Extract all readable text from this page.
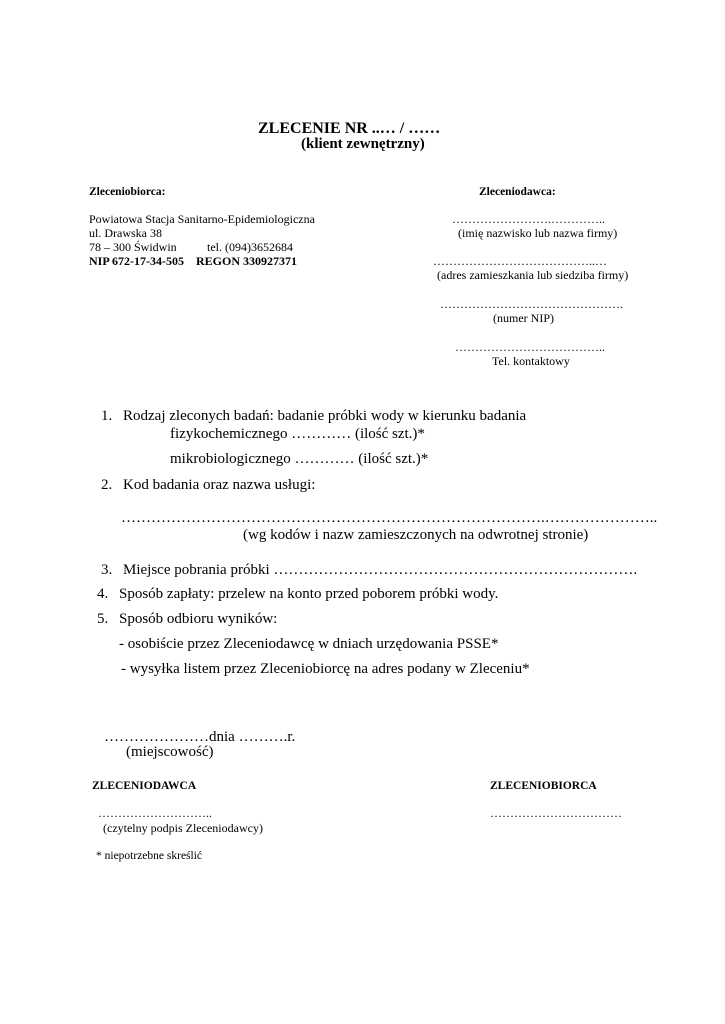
ZLECENIE NR ..… / ……
(klient zewnętrzny)
Zleceniobiorca:
Powiatowa Stacja Sanitarno-Epidemiologiczna
ul. Drawska 38
78 – 300 Świdwin	tel. (094)3652684
NIP 672-17-34-505    REGON 330927371
Zleceniodawca:
…………………….…………..
(imię nazwisko lub nazwa firmy)
…………………………………..…
(adres zamieszkania lub siedziba firmy)
……………………………………….
(numer NIP)
………………………………..
Tel. kontaktowy
1. Rodzaj zleconych badań: badanie próbki wody w kierunku badania
fizykochemicznego ………… (ilość szt.)*
mikrobiologicznego ………… (ilość szt.)*
2. Kod badania oraz nazwa usługi:
………………………………………………………………………….…………………..
(wg kodów i nazw zamieszczonych na odwrotnej stronie)
3. Miejsce pobrania próbki ……………………………………………………………….
4. Sposób zapłaty: przelew na konto przed poborem próbki wody.
5. Sposób odbioru wyników:
- osobiście przez Zleceniodawcę w dniach urzędowania PSSE*
- wysyłka listem przez Zleceniobiorcę na adres podany w Zleceniu*
…………………dnia ……….r.
(miejscowość)
ZLECENIODAWCA	ZLECENIOBIORCA
………………………..	……………………………
(czytelny podpis Zleceniodawcy)
* niepotrzebne skreślić
